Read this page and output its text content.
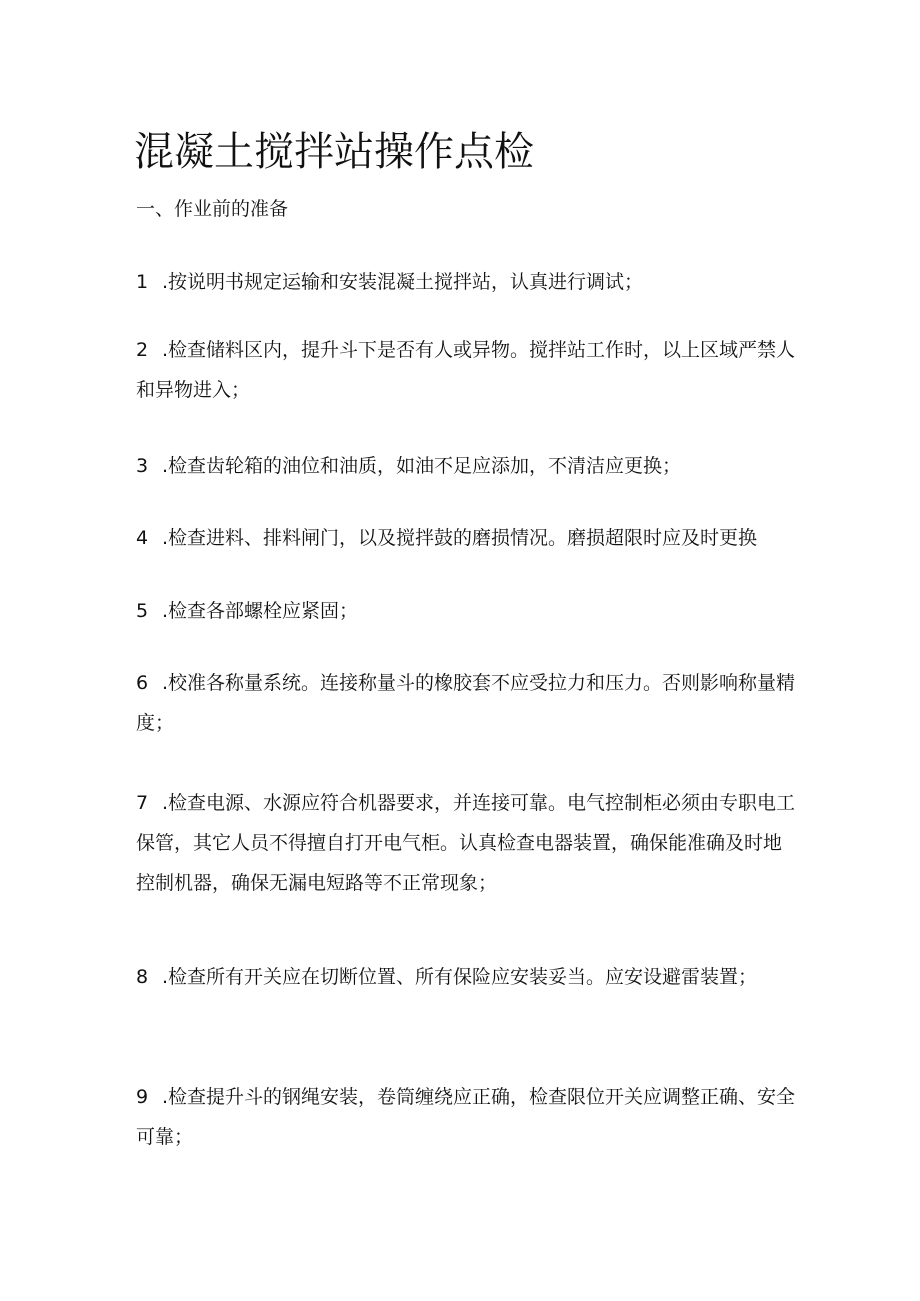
混凝土搅拌站操作点检
一、作业前的准备

1 .按说明书规定运输和安装混凝土搅拌站，认真进行调试；

2 .检查储料区内，提升斗下是否有人或异物。搅拌站工作时，以上区域严禁人和异物进入；

3 .检查齿轮箱的油位和油质，如油不足应添加，不清洁应更换；

4 .检查进料、排料闸门，以及搅拌鼓的磨损情况。磨损超限时应及时更换

5 .检查各部螺栓应紧固；

6 .校准各称量系统。连接称量斗的橡胶套不应受拉力和压力。否则影响称量精度；

7 .检查电源、水源应符合机器要求，并连接可靠。电气控制柜必须由专职电工保管，其它人员不得擅自打开电气柜。认真检查电器装置，确保能准确及时地控制机器，确保无漏电短路等不正常现象；

8 .检查所有开关应在切断位置、所有保险应安装妥当。应安设避雷装置；

9 .检查提升斗的钢绳安装，卷筒缠绕应正确，检查限位开关应调整正确、安全可靠；
